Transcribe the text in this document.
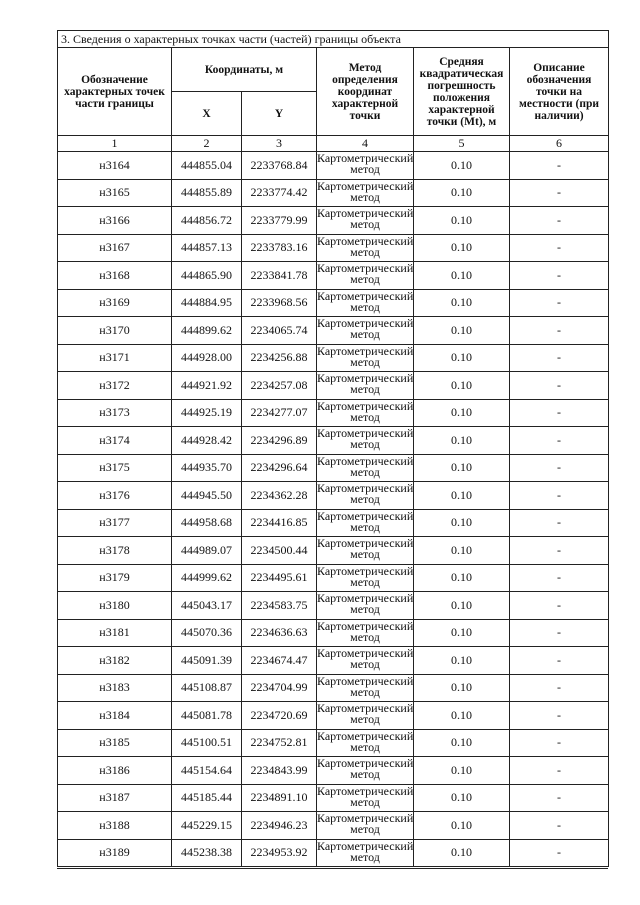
3. Сведения о характерных точках части (частей) границы объекта					
Обозначение характерных точек части границы	Координаты, м		Метод определения координат характерной точки	Средняя квадратическая погрешность положения характерной точки (Mt), м	Описание обозначения точки на местности (при наличии)
	X	Y			
1	2	3	4	5	6
н3164	444855.04	2233768.84	Картометрический метод	0.10	-
н3165	444855.89	2233774.42	Картометрический метод	0.10	-
н3166	444856.72	2233779.99	Картометрический метод	0.10	-
н3167	444857.13	2233783.16	Картометрический метод	0.10	-
н3168	444865.90	2233841.78	Картометрический метод	0.10	-
н3169	444884.95	2233968.56	Картометрический метод	0.10	-
н3170	444899.62	2234065.74	Картометрический метод	0.10	-
н3171	444928.00	2234256.88	Картометрический метод	0.10	-
н3172	444921.92	2234257.08	Картометрический метод	0.10	-
н3173	444925.19	2234277.07	Картометрический метод	0.10	-
н3174	444928.42	2234296.89	Картометрический метод	0.10	-
н3175	444935.70	2234296.64	Картометрический метод	0.10	-
н3176	444945.50	2234362.28	Картометрический метод	0.10	-
н3177	444958.68	2234416.85	Картометрический метод	0.10	-
н3178	444989.07	2234500.44	Картометрический метод	0.10	-
н3179	444999.62	2234495.61	Картометрический метод	0.10	-
н3180	445043.17	2234583.75	Картометрический метод	0.10	-
н3181	445070.36	2234636.63	Картометрический метод	0.10	-
н3182	445091.39	2234674.47	Картометрический метод	0.10	-
н3183	445108.87	2234704.99	Картометрический метод	0.10	-
н3184	445081.78	2234720.69	Картометрический метод	0.10	-
н3185	445100.51	2234752.81	Картометрический метод	0.10	-
н3186	445154.64	2234843.99	Картометрический метод	0.10	-
н3187	445185.44	2234891.10	Картометрический метод	0.10	-
н3188	445229.15	2234946.23	Картометрический метод	0.10	-
н3189	445238.38	2234953.92	Картометрический метод	0.10	-
